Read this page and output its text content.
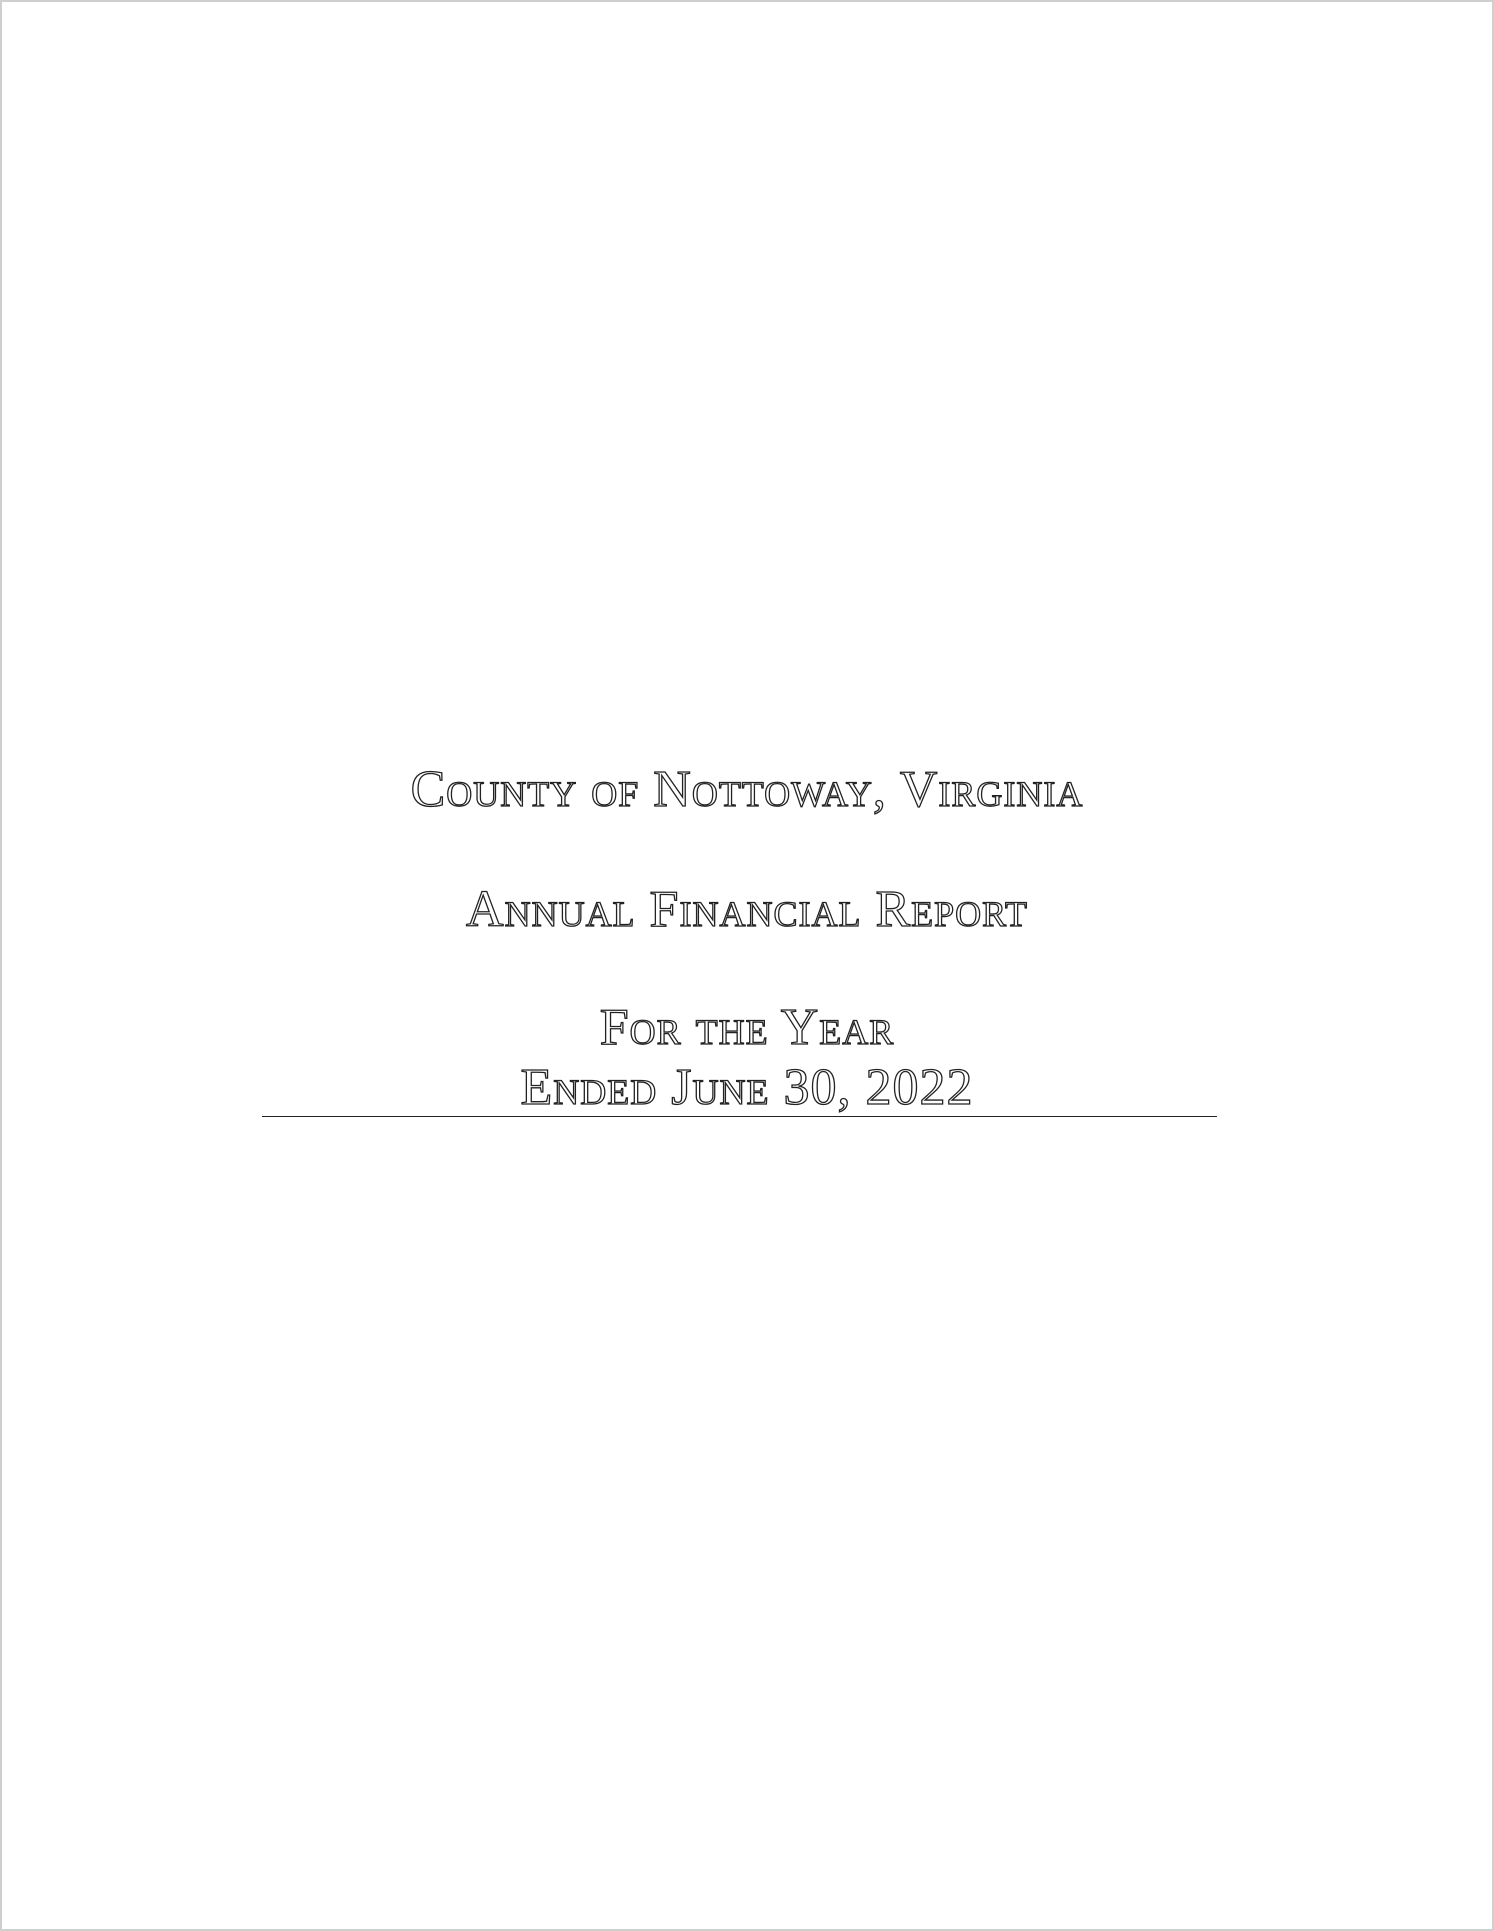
County of Nottoway, Virginia
Annual Financial Report
For the Year
Ended June 30, 2022
